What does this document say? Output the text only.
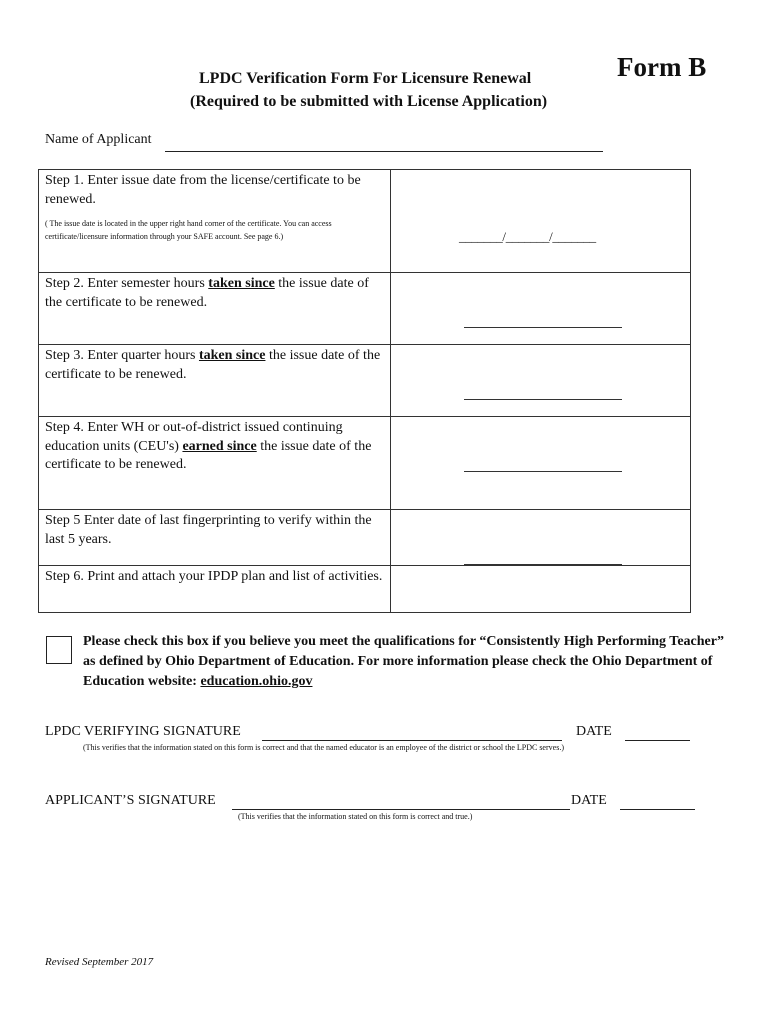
Form B
LPDC Verification Form For Licensure Renewal
(Required to be submitted with License Application)
Name of Applicant
Step 1. Enter issue date from the license/certificate to be renewed.
( The issue date is located in the upper right hand corner of the certificate. You can access certificate/licensure information through your SAFE account. See page 6.)	_______/_______/_______

Step 2. Enter semester hours taken since the issue date of the certificate to be renewed.	

Step 3. Enter quarter hours taken since the issue date of the certificate to be renewed.	

Step 4. Enter WH or out-of-district issued continuing education units (CEU's) earned since the issue date of the certificate to be renewed.	

Step 5 Enter date of last fingerprinting to verify within the last 5 years.	

Step 6. Print and attach your IPDP plan and list of activities.	

Please check this box if you believe you meet the qualifications for “Consistently High Performing Teacher” as defined by Ohio Department of Education. For more information please check the Ohio Department of Education website: education.ohio.gov
LPDC VERIFYING SIGNATURE	DATE
(This verifies that the information stated on this form is correct and that the named educator is an employee of the district or school the LPDC serves.)
APPLICANT’S SIGNATURE	DATE
(This verifies that the information stated on this form is correct and true.)
Revised September 2017
